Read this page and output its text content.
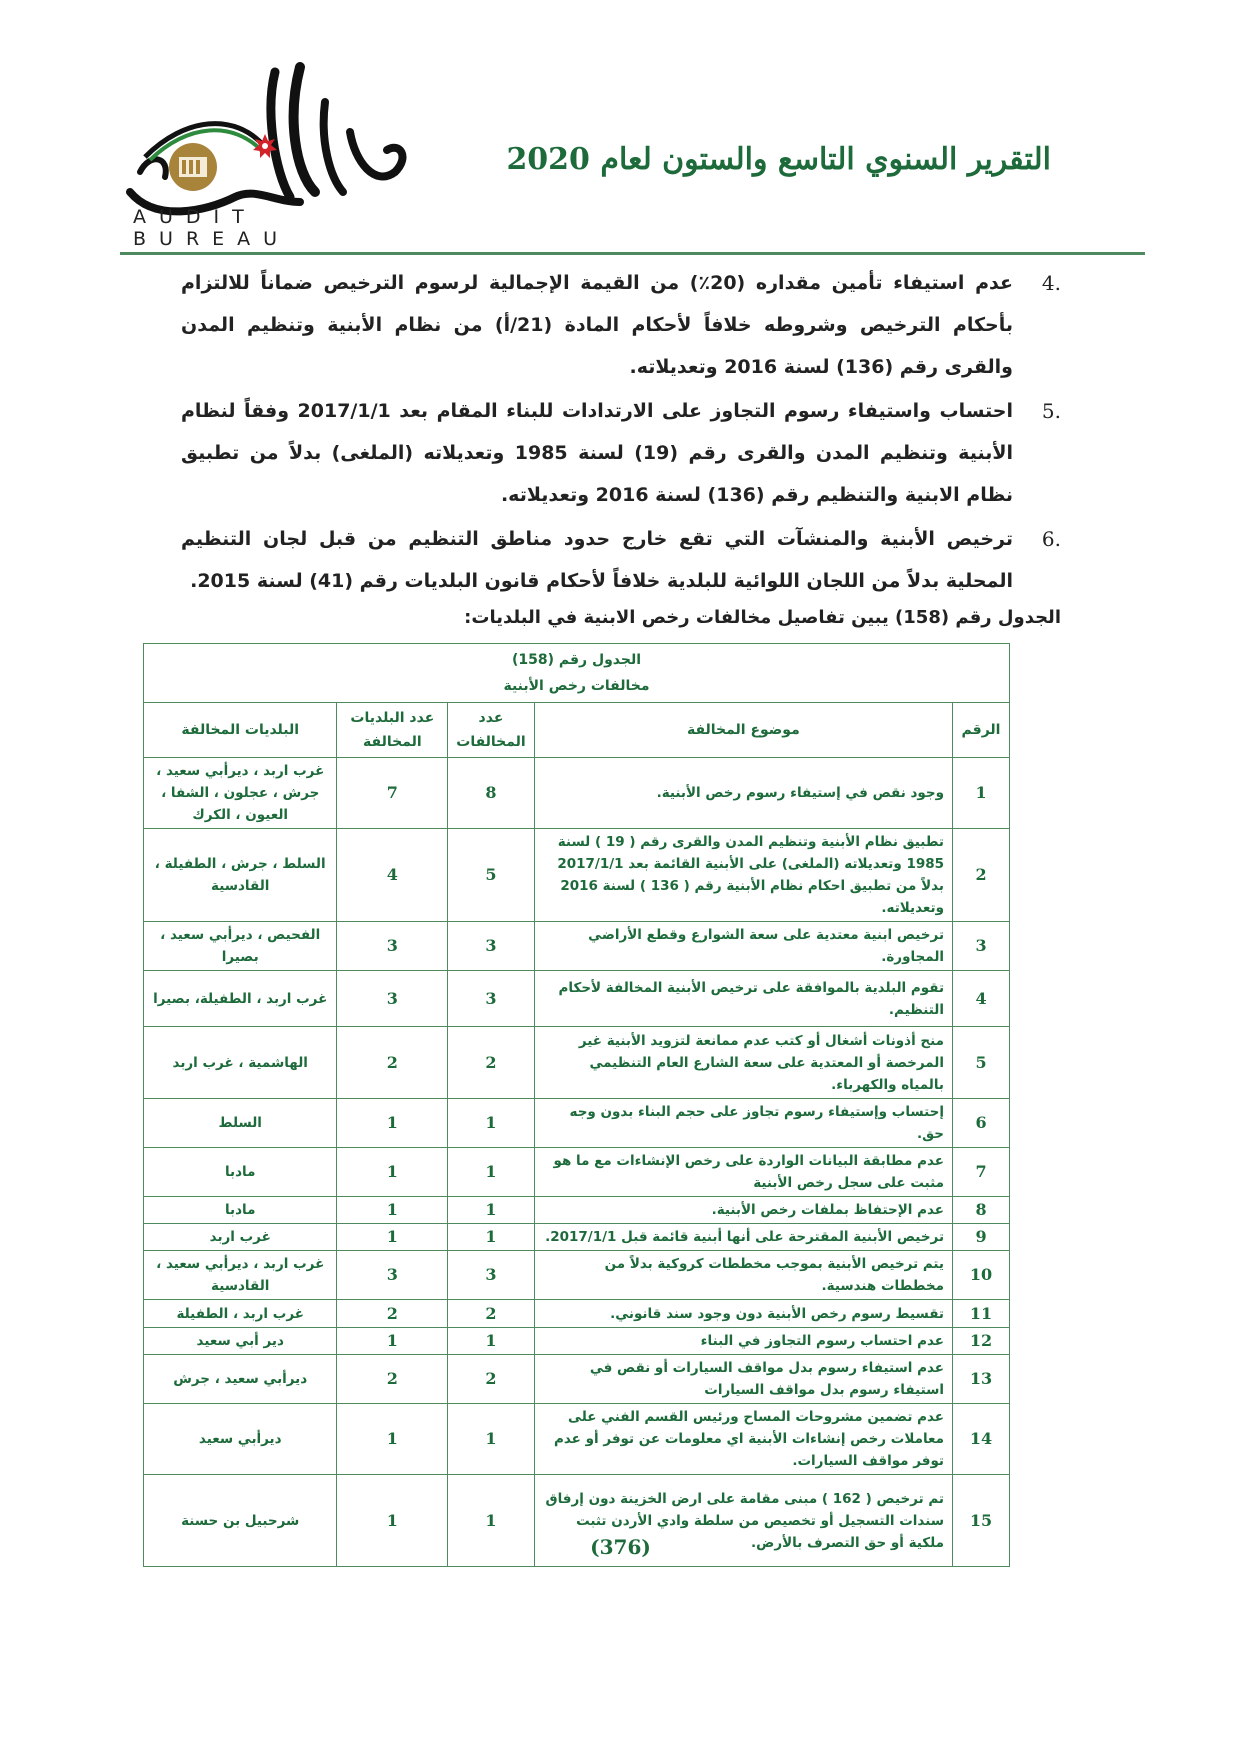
AUDIT BUREAU
التقرير السنوي التاسع والستون لعام 2020
.4
عدم استيفاء تأمين مقداره (20٪) من القيمة الإجمالية لرسوم الترخيص ضماناً للالتزام بأحكام الترخيص وشروطه خلافاً لأحكام المادة (21/أ) من نظام الأبنية وتنظيم المدن والقرى رقم (136) لسنة 2016 وتعديلاته.
.5
احتساب واستيفاء رسوم التجاوز على الارتدادات للبناء المقام بعد 2017/1/1 وفقاً لنظام الأبنية وتنظيم المدن والقرى رقم (19) لسنة 1985 وتعديلاته (الملغى) بدلاً من تطبيق نظام الابنية والتنظيم رقم (136) لسنة 2016 وتعديلاته.
.6
ترخيص الأبنية والمنشآت التي تقع خارج حدود مناطق التنظيم من قبل لجان التنظيم المحلية بدلاً من اللجان اللوائية للبلدية خلافاً لأحكام قانون البلديات رقم (41) لسنة 2015.
الجدول رقم (158) يبين تفاصيل مخالفات رخص الابنية في البلديات:
الجدول رقم (158)
مخالفات رخص الأبنية				

الرقم	موضوع المخالفة	عدد المخالفات	عدد البلديات المخالفة	البلديات المخالفة
1	وجود نقص في إستيفاء رسوم رخص الأبنية.	8	7	غرب اربد ، ديرأبي سعيد ، جرش ، عجلون ، الشفا ، العيون ، الكرك
2	تطبيق نظام الأبنية وتنظيم المدن والقرى رقم ( 19 ) لسنة 1985 وتعديلاته (الملغى) على الأبنية القائمة بعد 2017/1/1 بدلاً من تطبيق احكام نظام الأبنية رقم ( 136 ) لسنة 2016 وتعديلاته.	5	4	السلط ، جرش ، الطفيلة ، القادسية
3	ترخيص ابنية معتدية على سعة الشوارع وقطع الأراضي المجاورة.	3	3	الفحيص ، ديرأبي سعيد ، بصيرا
4	تقوم البلدية بالموافقة على ترخيص الأبنية المخالفة لأحكام التنظيم.	3	3	غرب اربد ، الطفيلة، بصيرا
5	منح أذونات أشغال أو كتب عدم ممانعة لتزويد الأبنية غير المرخصة أو المعتدية على سعة الشارع العام التنظيمي بالمياه والكهرباء.	2	2	الهاشمية ، غرب اربد
6	إحتساب وإستيفاء رسوم تجاوز على حجم البناء بدون وجه حق.	1	1	السلط
7	عدم مطابقة البيانات الواردة على رخص الإنشاءات مع ما هو مثبت على سجل رخص الأبنية	1	1	مادبا
8	عدم الإحتفاظ بملفات رخص الأبنية.	1	1	مادبا
9	ترخيص الأبنية المقترحة على أنها أبنية قائمة قبل 2017/1/1.	1	1	غرب اربد
10	يتم ترخيص الأبنية بموجب مخططات كروكية بدلاً من مخططات هندسية.	3	3	غرب اربد ، ديرأبي سعيد ، القادسية
11	تقسيط رسوم رخص الأبنية دون وجود سند قانوني.	2	2	غرب اربد ، الطفيلة
12	عدم احتساب رسوم التجاوز في البناء	1	1	دير أبي سعيد
13	عدم استيفاء رسوم بدل مواقف السيارات أو نقص في استيفاء رسوم بدل مواقف السيارات	2	2	ديرأبي سعيد ، جرش
14	عدم تضمين مشروحات المساح ورئيس القسم الفني على معاملات رخص إنشاءات الأبنية اي معلومات عن توفر أو عدم توفر مواقف السيارات.	1	1	ديرأبي سعيد
15	تم ترخيص ( 162 ) مبنى مقامة على ارض الخزينة دون إرفاق سندات التسجيل أو تخصيص من سلطة وادي الأردن تثبت ملكية أو حق التصرف بالأرض.	1	1	شرحبيل بن حسنة
(376)
